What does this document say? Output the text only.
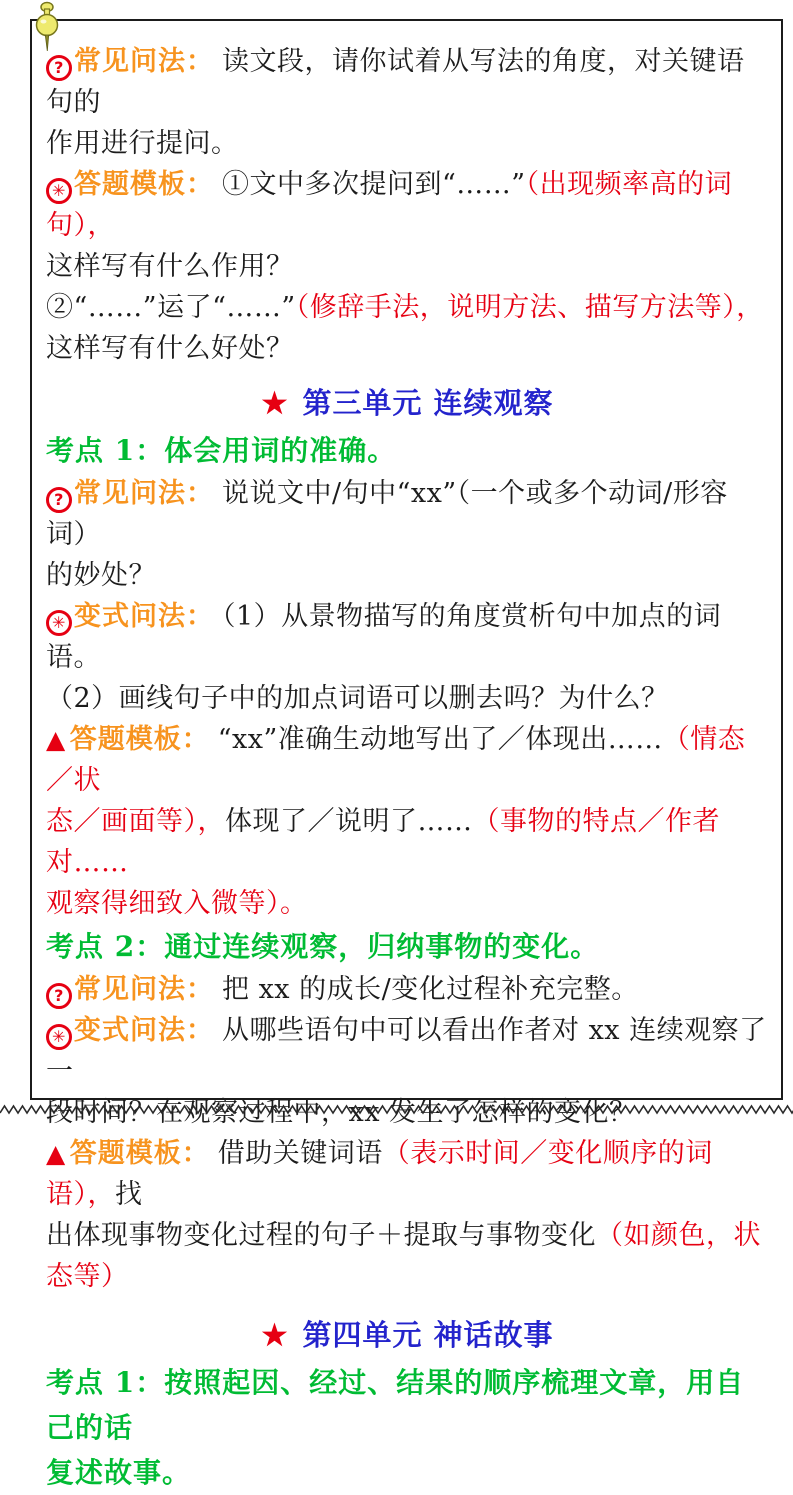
? 常见问法： 读文段，请你试着从写法的角度，对关键语句的

作用进行提问。

✳ 答题模板： ①文中多次提问到“……”（出现频率高的词句），

这样写有什么作用？

②“……”运了“……”（修辞手法，说明方法、描写方法等），

这样写有什么好处？

★ 第三单元 连续观察

考点 1：体会用词的准确。

? 常见问法： 说说文中/句中“xx”（一个或多个动词/形容词）

的妙处？

✳ 变式问法： （1）从景物描写的角度赏析句中加点的词语。

（2）画线句子中的加点词语可以删去吗？为什么？

▲ 答题模板： “xx”准确生动地写出了／体现出……（情态／状

态／画面等），体现了／说明了……（事物的特点／作者对……

观察得细致入微等）。

考点 2：通过连续观察，归纳事物的变化。

? 常见问法： 把 xx 的成长/变化过程补充完整。

✳ 变式问法： 从哪些语句中可以看出作者对 xx 连续观察了一

段时间？在观察过程中，xx 发生了怎样的变化？

▲ 答题模板： 借助关键词语（表示时间／变化顺序的词语），找

出体现事物变化过程的句子＋提取与事物变化（如颜色，状态等）

★ 第四单元 神话故事

考点 1：按照起因、经过、结果的顺序梳理文章，用自己的话

复述故事。
